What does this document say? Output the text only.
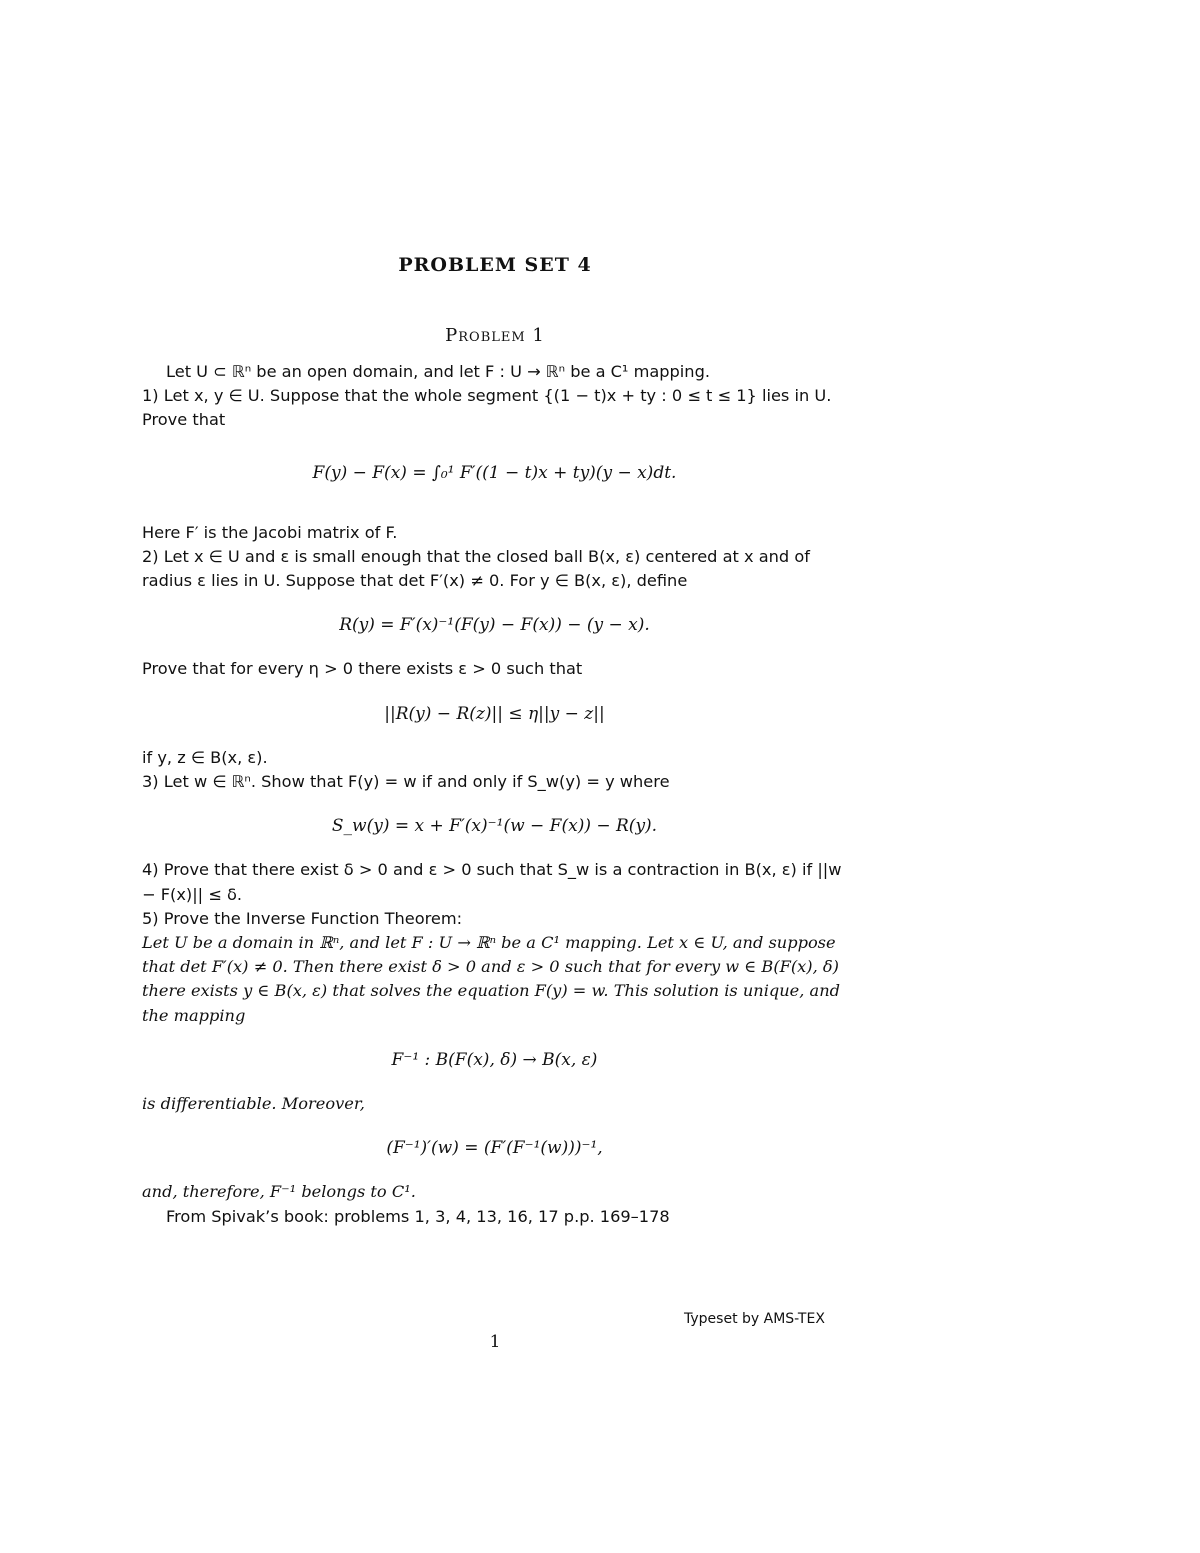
PROBLEM SET 4
Problem 1

Let U ⊂ ℝⁿ be an open domain, and let F : U → ℝⁿ be a C¹ mapping.

1) Let x, y ∈ U. Suppose that the whole segment {(1 − t)x + ty : 0 ≤ t ≤ 1} lies in U. Prove that

F(y) − F(x) = ∫₀¹ F′((1 − t)x + ty)(y − x)dt.

Here F′ is the Jacobi matrix of F.

2) Let x ∈ U and ε is small enough that the closed ball B(x, ε) centered at x and of radius ε lies in U. Suppose that det F′(x) ≠ 0. For y ∈ B(x, ε), define

R(y) = F′(x)⁻¹(F(y) − F(x)) − (y − x).

Prove that for every η > 0 there exists ε > 0 such that

||R(y) − R(z)|| ≤ η||y − z||

if y, z ∈ B(x, ε).

3) Let w ∈ ℝⁿ. Show that F(y) = w if and only if S_w(y) = y where

S_w(y) = x + F′(x)⁻¹(w − F(x)) − R(y).

4) Prove that there exist δ > 0 and ε > 0 such that S_w is a contraction in B(x, ε) if ||w − F(x)|| ≤ δ.

5) Prove the Inverse Function Theorem:

Let U be a domain in ℝⁿ, and let F : U → ℝⁿ be a C¹ mapping. Let x ∈ U, and suppose that det F′(x) ≠ 0. Then there exist δ > 0 and ε > 0 such that for every w ∈ B(F(x), δ) there exists y ∈ B(x, ε) that solves the equation F(y) = w. This solution is unique, and the mapping

F⁻¹ : B(F(x), δ) → B(x, ε)

is differentiable. Moreover,

(F⁻¹)′(w) = (F′(F⁻¹(w)))⁻¹,

and, therefore, F⁻¹ belongs to C¹.

From Spivak’s book: problems 1, 3, 4, 13, 16, 17 p.p. 169–178

Typeset by AMS-TEX
1
